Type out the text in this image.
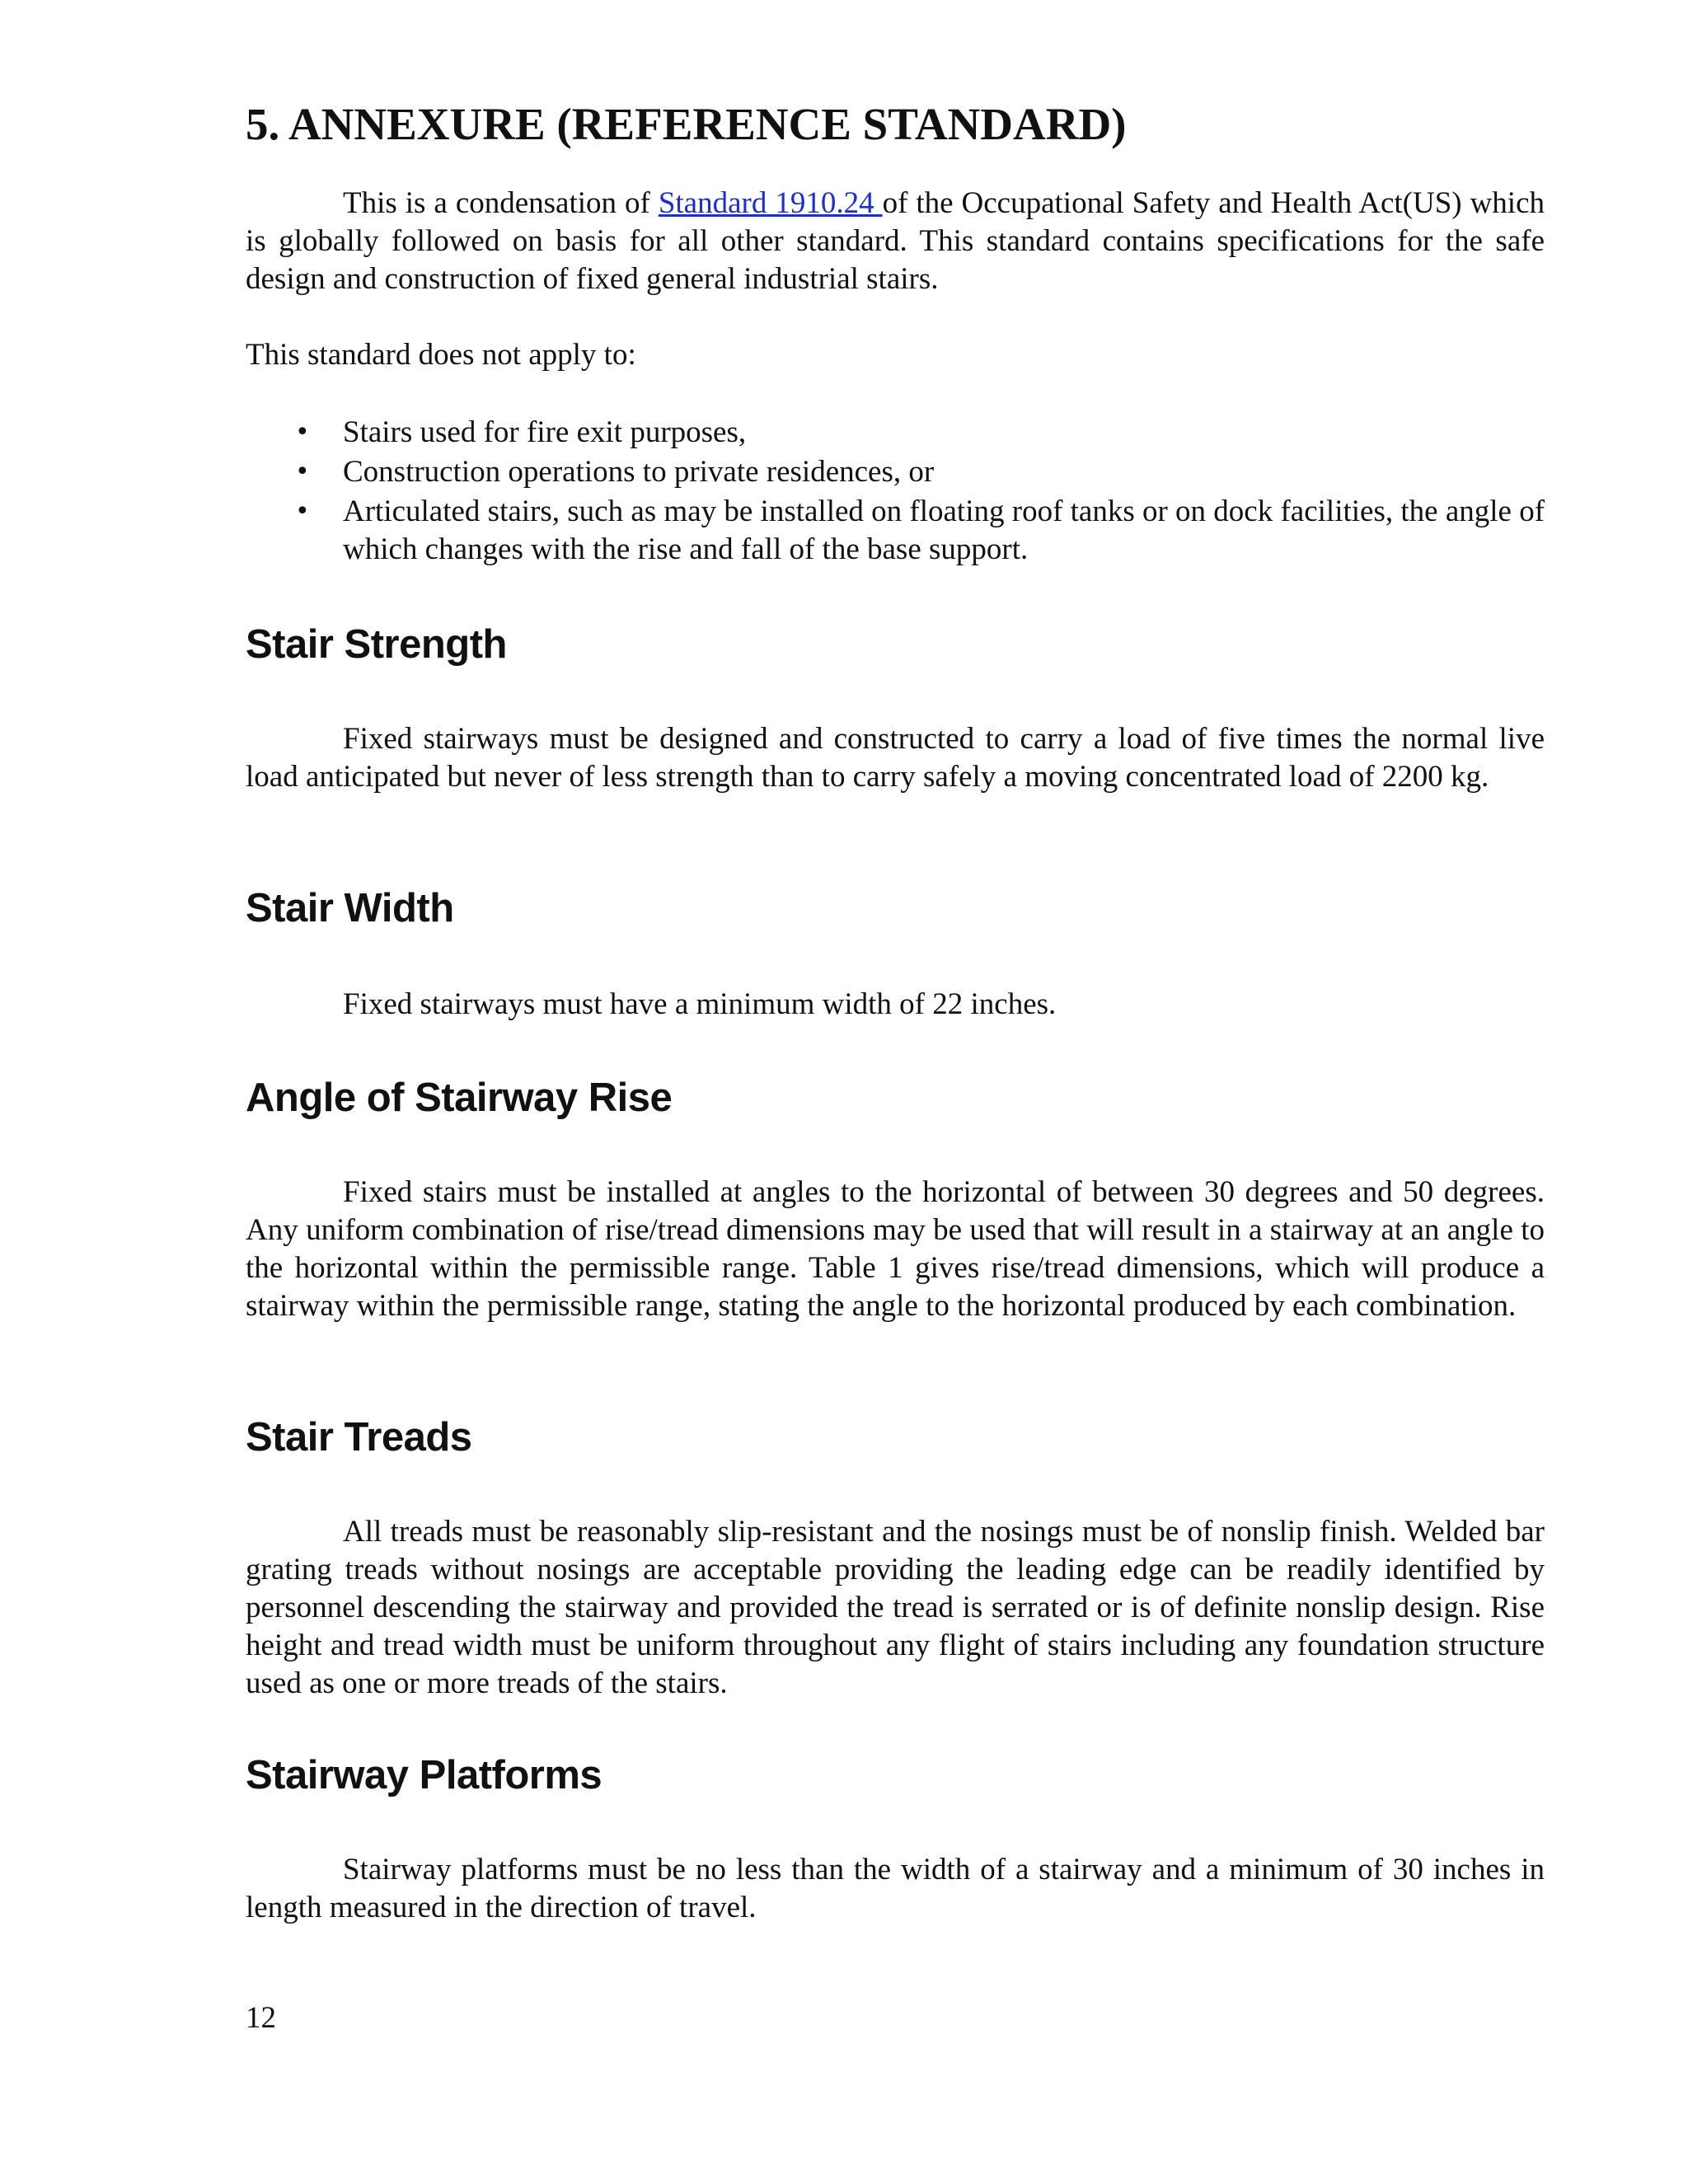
5. ANNEXURE (REFERENCE STANDARD)

This is a condensation of Standard 1910.24 of the Occupational Safety and Health Act(US) which is globally followed on basis for all other standard. This standard contains specifications for the safe design and construction of fixed general industrial stairs.

This standard does not apply to:

• Stairs used for fire exit purposes,
• Construction operations to private residences, or
• Articulated stairs, such as may be installed on floating roof tanks or on dock facilities, the angle of which changes with the rise and fall of the base support.
Stair Strength

Fixed stairways must be designed and constructed to carry a load of five times the normal live load anticipated but never of less strength than to carry safely a moving concentrated load of 2200 kg.

Stair Width

Fixed stairways must have a minimum width of 22 inches.

Angle of Stairway Rise

Fixed stairs must be installed at angles to the horizontal of between 30 degrees and 50 degrees. Any uniform combination of rise/tread dimensions may be used that will result in a stairway at an angle to the horizontal within the permissible range. Table 1 gives rise/tread dimensions, which will produce a stairway within the permissible range, stating the angle to the horizontal produced by each combination.

Stair Treads

All treads must be reasonably slip-resistant and the nosings must be of nonslip finish. Welded bar grating treads without nosings are acceptable providing the leading edge can be readily identified by personnel descending the stairway and provided the tread is serrated or is of definite nonslip design. Rise height and tread width must be uniform throughout any flight of stairs including any foundation structure used as one or more treads of the stairs.

Stairway Platforms

Stairway platforms must be no less than the width of a stairway and a minimum of 30 inches in length measured in the direction of travel.

12
